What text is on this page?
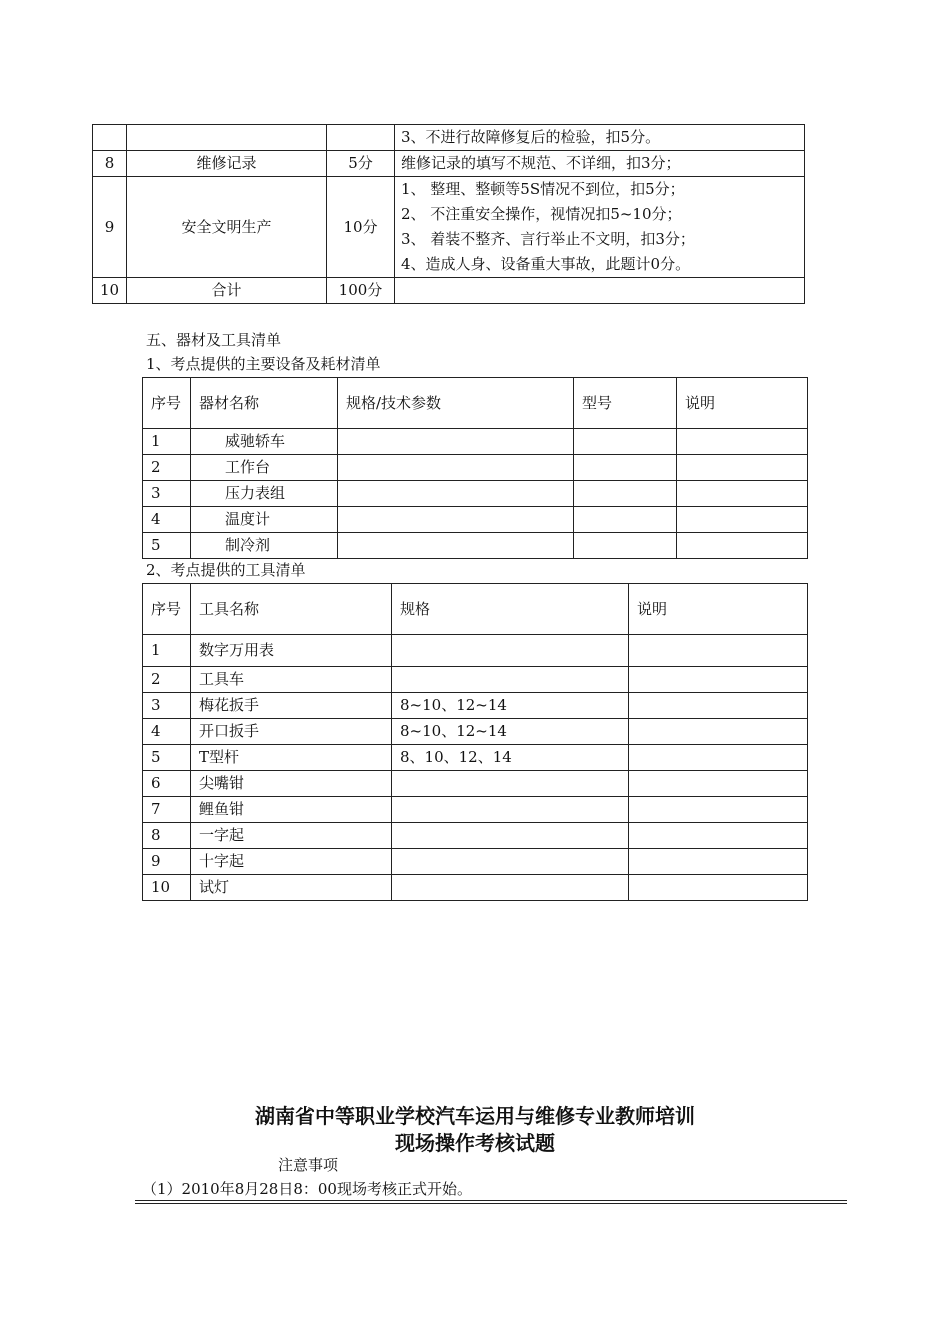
			3、不进行故障修复后的检验，扣5分。

8	维修记录	5分	维修记录的填写不规范、不详细，扣3分；

9	安全文明生产	10分	1、 整理、整顿等5S情况不到位，扣5分；
2、 不注重安全操作，视情况扣5~10分；
3、 着装不整齐、言行举止不文明，扣3分；
4、造成人身、设备重大事故，此题计0分。

10	合计	100分	
五、器材及工具清单
1、考点提供的主要设备及耗材清单
序号	器材名称	规格/技术参数	型号	说明
1	威驰轿车			
2	工作台			
3	压力表组			
4	温度计			
5	制冷剂			
2、考点提供的工具清单
序号	工具名称	规格	说明
1	数字万用表		
2	工具车		
3	梅花扳手	8~10、12~14	
4	开口扳手	8~10、12~14	
5	T型杆	8、10、12、14	
6	尖嘴钳		
7	鲤鱼钳		
8	一字起		
9	十字起		
10	试灯		
湖南省中等职业学校汽车运用与维修专业教师培训
现场操作考核试题
注意事项
（1）2010年8月28日8：00现场考核正式开始。
